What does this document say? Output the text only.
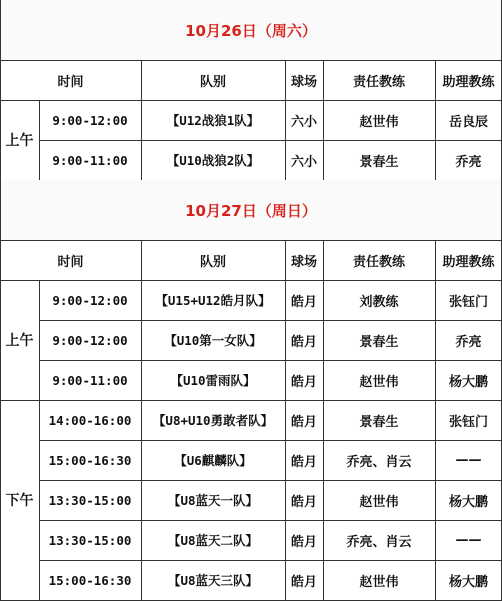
10月26日（周六）
时间	队别	球场	责任教练	助理教练
上午
9:00-12:00	【U12战狼1队】	六小	赵世伟	岳良辰
9:00-11:00	【U10战狼2队】	六小	景春生	乔亮
10月27日（周日）
时间	队别	球场	责任教练	助理教练
上午
9:00-12:00	【U15+U12皓月队】	皓月	刘教练	张钰门
9:00-12:00	【U10第一女队】	皓月	景春生	乔亮
9:00-11:00	【U10雷雨队】	皓月	赵世伟	杨大鹏
下午
14:00-16:00	【U8+U10勇敢者队】	皓月	景春生	张钰门
15:00-16:30	【U6麒麟队】	皓月	乔亮、肖云	——
13:30-15:00	【U8蓝天一队】	皓月	赵世伟	杨大鹏
13:30-15:00	【U8蓝天二队】	皓月	乔亮、肖云	——
15:00-16:30	【U8蓝天三队】	皓月	赵世伟	杨大鹏
